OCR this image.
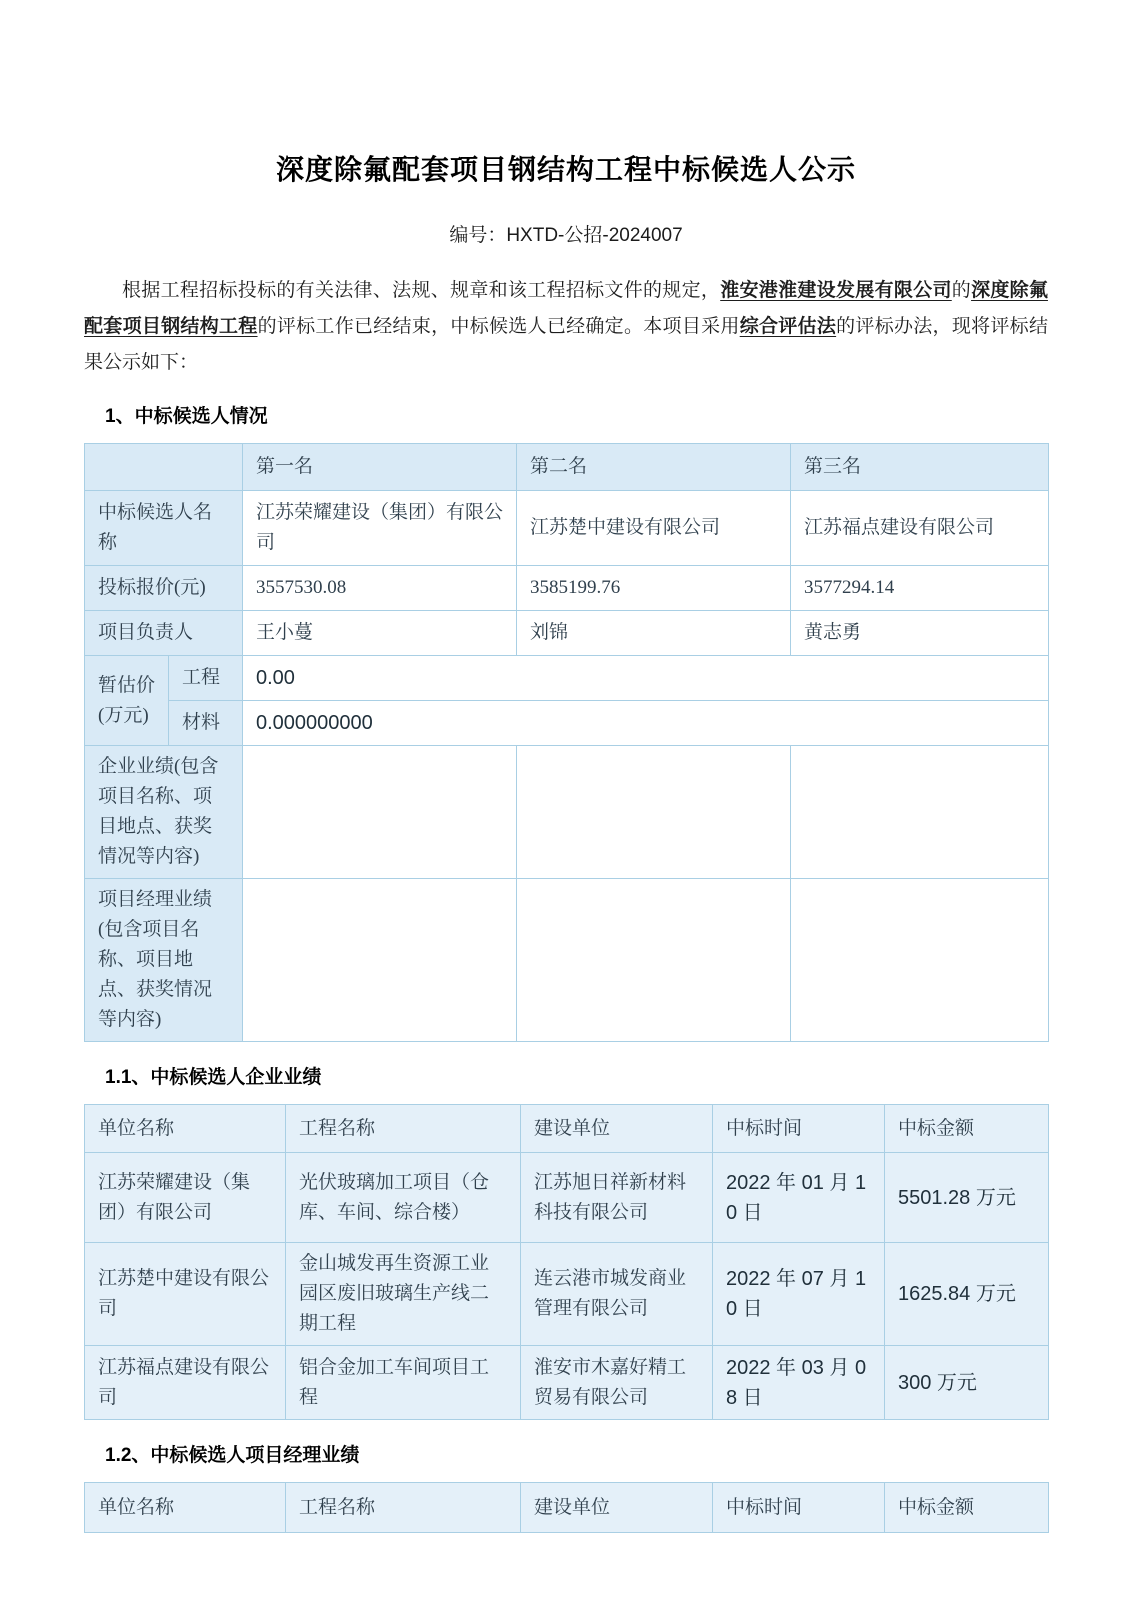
深度除氟配套项目钢结构工程中标候选人公示
编号：HXTD-公招-2024007

根据工程招标投标的有关法律、法规、规章和该工程招标文件的规定，淮安港淮建设发展有限公司的深度除氟配套项目钢结构工程的评标工作已经结束，中标候选人已经确定。本项目采用综合评估法的评标办法，现将评标结果公示如下：

1、中标候选人情况
		第一名	第二名	第三名
中标候选人名称		江苏荣耀建设（集团）有限公司	江苏楚中建设有限公司	江苏福点建设有限公司
投标报价(元)		3557530.08	3585199.76	3577294.14
项目负责人		王小蔓	刘锦	黄志勇
暂估价(万元)	工程	0.00		
	材料	0.000000000		
企业业绩(包含项目名称、项目地点、获奖情况等内容)				
项目经理业绩(包含项目名称、项目地点、获奖情况等内容)				
1.1、中标候选人企业业绩
单位名称	工程名称	建设单位	中标时间	中标金额
江苏荣耀建设（集团）有限公司	光伏玻璃加工项目（仓库、车间、综合楼）	江苏旭日祥新材料科技有限公司	2022 年 01 月 10 日	5501.28 万元
江苏楚中建设有限公司	金山城发再生资源工业园区废旧玻璃生产线二期工程	连云港市城发商业管理有限公司	2022 年 07 月 10 日	1625.84 万元
江苏福点建设有限公司	铝合金加工车间项目工程	淮安市木嘉好精工贸易有限公司	2022 年 03 月 08 日	300 万元
1.2、中标候选人项目经理业绩
单位名称	工程名称	建设单位	中标时间	中标金额
